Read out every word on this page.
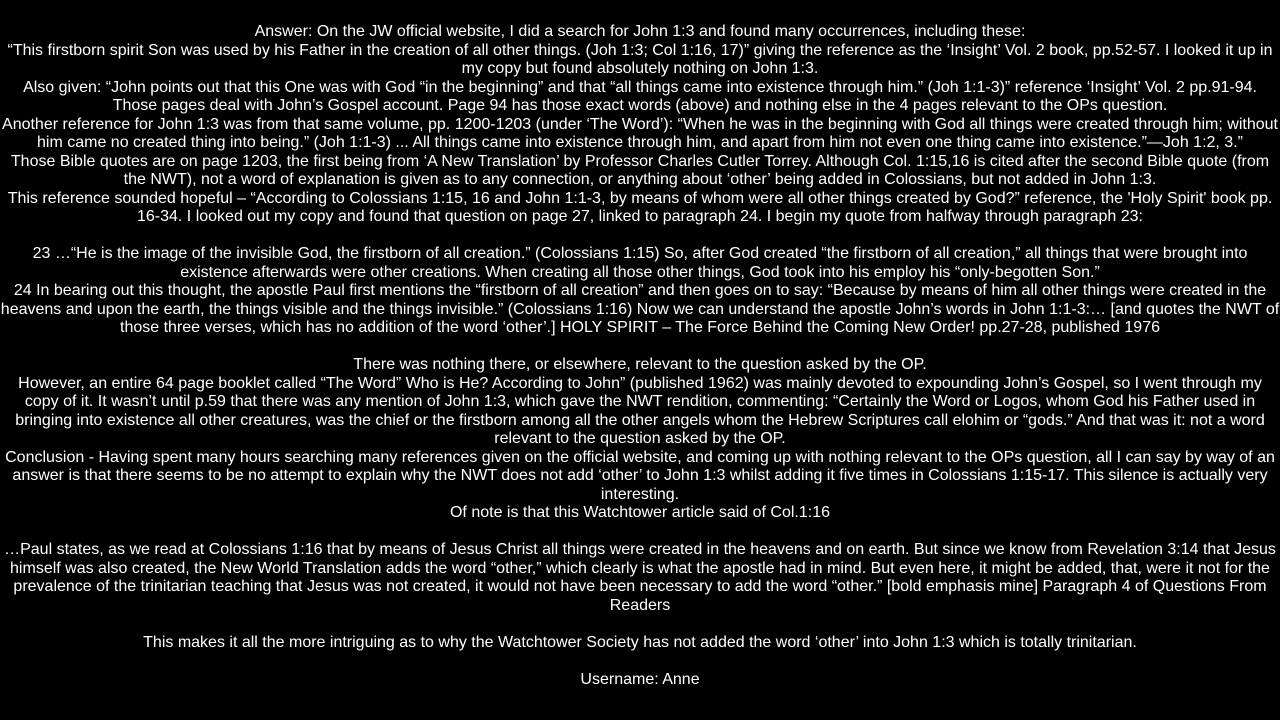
Answer: On the JW official website, I did a search for John 1:3 and found many occurrences, including these:

“This firstborn spirit Son was used by his Father in the creation of all other things. (Joh 1:3; Col 1:16, 17)” giving the reference as the ‘Insight’ Vol. 2 book, pp.52-57. I looked it up in my copy but found absolutely nothing on John 1:3.

Also given: “John points out that this One was with God “in the beginning” and that “all things came into existence through him.” (Joh 1:1-3)” reference ‘Insight’ Vol. 2 pp.91-94.

Those pages deal with John’s Gospel account. Page 94 has those exact words (above) and nothing else in the 4 pages relevant to the OPs question.

Another reference for John 1:3 was from that same volume, pp. 1200-1203 (under ‘The Word’): “When he was in the beginning with God all things were created through him; without him came no created thing into being.” (Joh 1:1-3) ... All things came into existence through him, and apart from him not even one thing came into existence.”—Joh 1:2, 3.”

Those Bible quotes are on page 1203, the first being from ‘A New Translation’ by Professor Charles Cutler Torrey. Although Col. 1:15,16 is cited after the second Bible quote (from the NWT), not a word of explanation is given as to any connection, or anything about ‘other’ being added in Colossians, but not added in John 1:3.

This reference sounded hopeful – “According to Colossians 1:15, 16 and John 1:1-3, by means of whom were all other things created by God?” reference, the 'Holy Spirit' book pp. 16-34. I looked out my copy and found that question on page 27, linked to paragraph 24. I begin my quote from halfway through paragraph 23:

23 …“He is the image of the invisible God, the firstborn of all creation.” (Colossians 1:15) So, after God created “the firstborn of all creation,” all things that were brought into existence afterwards were other creations. When creating all those other things, God took into his employ his “only-begotten Son.”

24 In bearing out this thought, the apostle Paul first mentions the “firstborn of all creation” and then goes on to say: “Because by means of him all other things were created in the heavens and upon the earth, the things visible and the things invisible.” (Colossians 1:16) Now we can understand the apostle John’s words in John 1:1-3:… [and quotes the NWT of those three verses, which has no addition of the word ‘other’.] HOLY SPIRIT – The Force Behind the Coming New Order! pp.27-28, published 1976

There was nothing there, or elsewhere, relevant to the question asked by the OP.

However, an entire 64 page booklet called “The Word” Who is He? According to John” (published 1962) was mainly devoted to expounding John’s Gospel, so I went through my copy of it. It wasn’t until p.59 that there was any mention of John 1:3, which gave the NWT rendition, commenting: “Certainly the Word or Logos, whom God his Father used in bringing into existence all other creatures, was the chief or the firstborn among all the other angels whom the Hebrew Scriptures call elohim or “gods.” And that was it: not a word relevant to the question asked by the OP.

Conclusion - Having spent many hours searching many references given on the official website, and coming up with nothing relevant to the OPs question, all I can say by way of an answer is that there seems to be no attempt to explain why the NWT does not add ‘other’ to John 1:3 whilst adding it five times in Colossians 1:15-17. This silence is actually very interesting.

Of note is that this Watchtower article said of Col.1:16

…Paul states, as we read at Colossians 1:16 that by means of Jesus Christ all things were created in the heavens and on earth. But since we know from Revelation 3:14 that Jesus himself was also created, the New World Translation adds the word “other,” which clearly is what the apostle had in mind. But even here, it might be added, that, were it not for the prevalence of the trinitarian teaching that Jesus was not created, it would not have been necessary to add the word “other.” [bold emphasis mine] Paragraph 4 of Questions From Readers

This makes it all the more intriguing as to why the Watchtower Society has not added the word ‘other’ into John 1:3 which is totally trinitarian.

Username: Anne
